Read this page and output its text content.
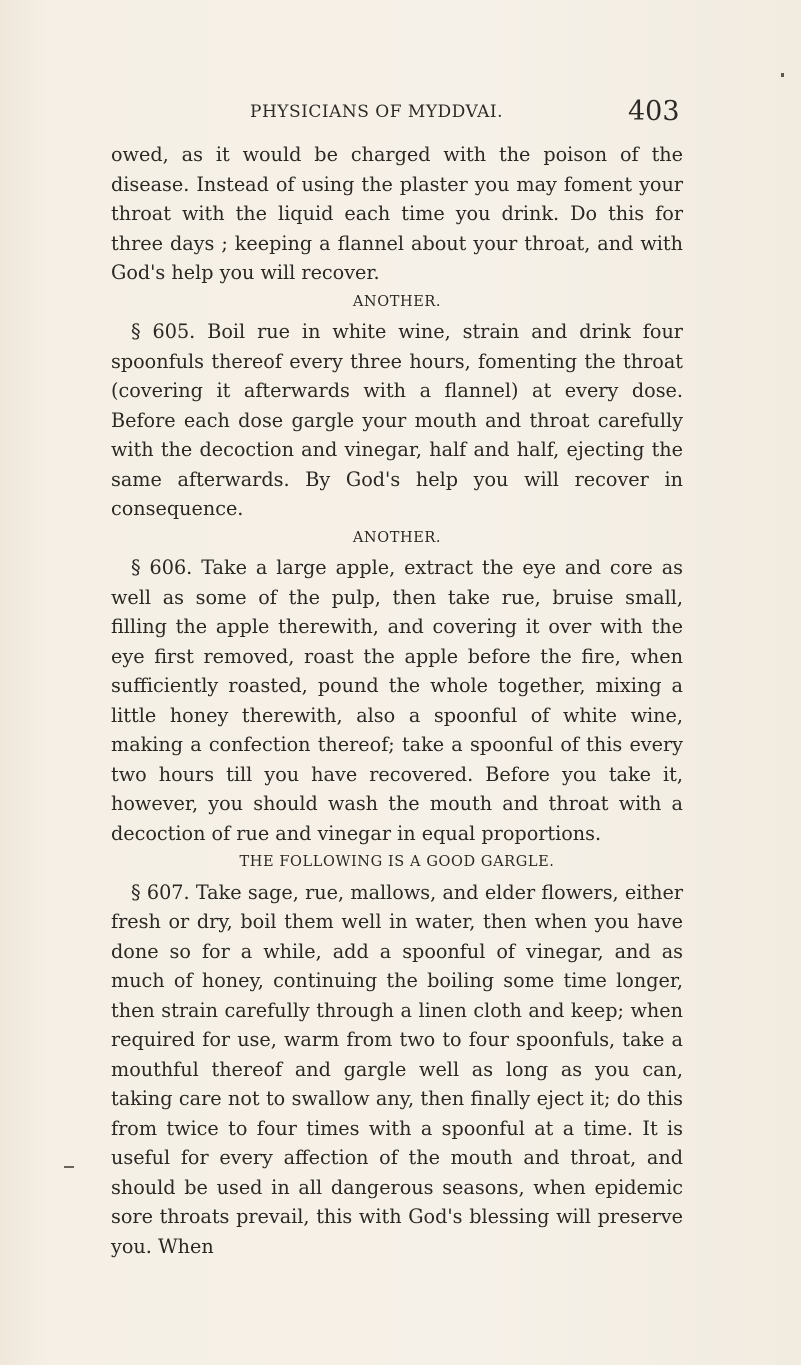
PHYSICIANS OF MYDDVAI.	403

owed, as it would be charged with the poison of the disease. Instead of using the plaster you may foment your throat with the liquid each time you drink. Do this for three days ; keeping a flannel about your throat, and with God's help you will recover.

ANOTHER.

§ 605. Boil rue in white wine, strain and drink four spoonfuls thereof every three hours, fomenting the throat (covering it afterwards with a flannel) at every dose. Before each dose gargle your mouth and throat carefully with the decoction and vinegar, half and half, ejecting the same afterwards. By God's help you will recover in consequence.

ANOTHER.

§ 606. Take a large apple, extract the eye and core as well as some of the pulp, then take rue, bruise small, filling the apple therewith, and covering it over with the eye first removed, roast the apple before the fire, when sufficiently roasted, pound the whole together, mixing a little honey therewith, also a spoonful of white wine, making a confection thereof; take a spoonful of this every two hours till you have recovered. Before you take it, however, you should wash the mouth and throat with a decoction of rue and vinegar in equal proportions.

THE FOLLOWING IS A GOOD GARGLE.

§ 607. Take sage, rue, mallows, and elder flowers, either fresh or dry, boil them well in water, then when you have done so for a while, add a spoonful of vinegar, and as much of honey, continuing the boiling some time longer, then strain carefully through a linen cloth and keep; when required for use, warm from two to four spoonfuls, take a mouthful thereof and gargle well as long as you can, taking care not to swallow any, then finally eject it; do this from twice to four times with a spoonful at a time. It is useful for every affection of the mouth and throat, and should be used in all dangerous seasons, when epidemic sore throats prevail, this with God's blessing will preserve you. When
